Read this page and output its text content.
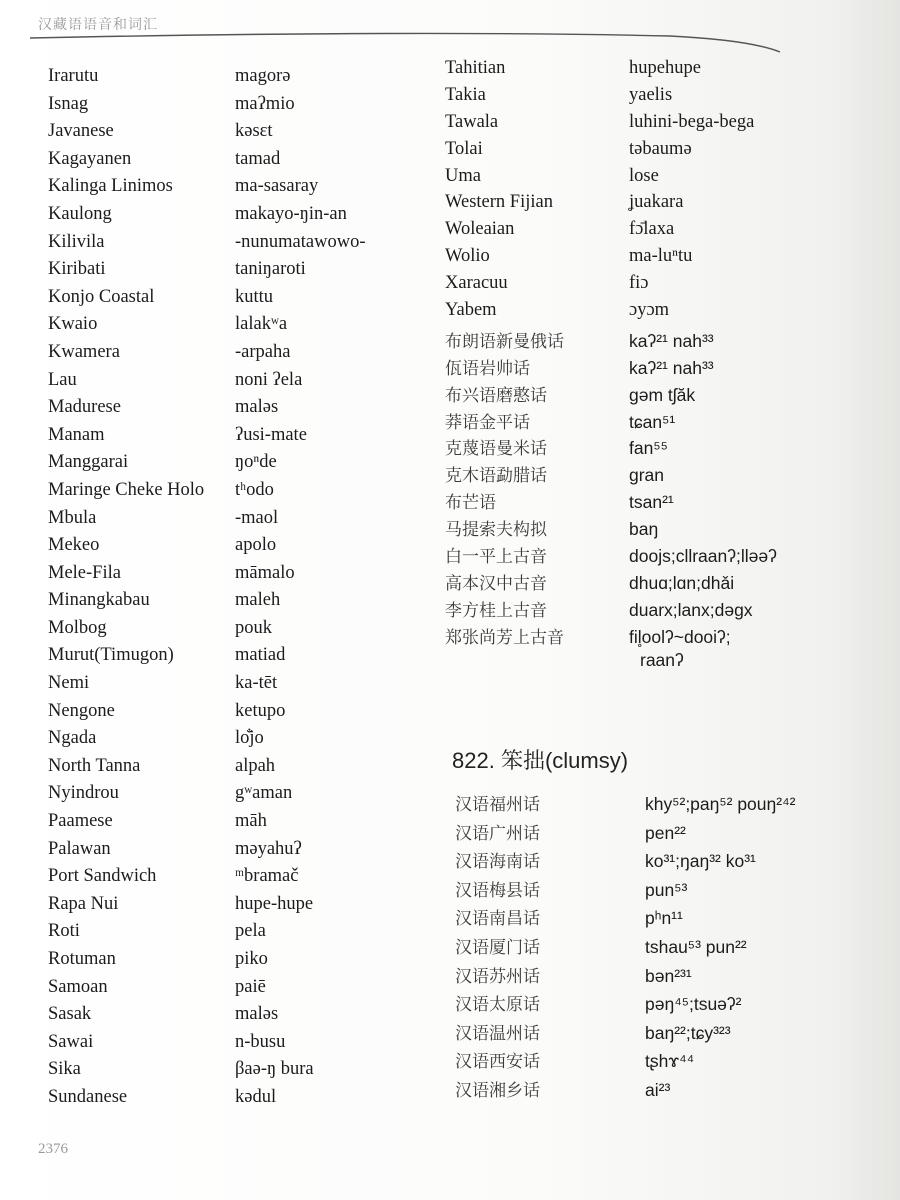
汉藏语语音和词汇
Irarutu	magorə
Isnag	maʔmio
Javanese	kəsɛt
Kagayanen	tamad
Kalinga Linimos	ma-sasaray
Kaulong	makayo-ŋin-an
Kilivila	-nunumatawowo-
Kiribati	taniŋaroti
Konjo Coastal	kuttu
Kwaio	lalakʷa
Kwamera	-arpaha
Lau	noni ʔela
Madurese	maləs
Manam	ʔusi-mate
Manggarai	ŋoⁿde
Maringe Cheke Holo	tʰodo
Mbula	-maol
Mekeo	apolo
Mele-Fila	māmalo
Minangkabau	maleh
Molbog	pouk
Murut(Timugon)	matiad
Nemi	ka-tēt
Nengone	ketupo
Ngada	lo̐jo
North Tanna	alpah
Nyindrou	gʷaman
Paamese	māh
Palawan	məyahuʔ
Port Sandwich	ᵐbramač
Rapa Nui	hupe-hupe
Roti	pela
Rotuman	piko
Samoan	paiē
Sasak	maləs
Sawai	n-busu
Sika	βaə-ŋ bura
Sundanese	kədul
Tahitian	hupehupe
Takia	yaelis
Tawala	luhini-bega-bega
Tolai	təbaumə
Uma	lose
Western Fijian	ʝuakara
Woleaian	fɔ̄laxa
Wolio	ma-luⁿtu
Xaracuu	fiɔ
Yabem	ɔyɔm
布朗语新曼俄话	kaʔ²¹ nah³³
佤语岩帅话	kaʔ²¹ nah³³
布兴语磨憨话	gəm tʃăk
莽语金平话	tɕan⁵¹
克蔑语曼米话	fan⁵⁵
克木语勐腊话	gran
布芒语	tsan²¹
马提索夫构拟	baŋ
白一平上古音	doojs;cllraanʔ;lləəʔ
高本汉中古音	dhuɑ;lɑn;dhǎi
李方桂上古音	duarx;lanx;dəgx
郑张尚芳上古音	fil̥oolʔ~dooiʔ;
raanʔ
822. 笨拙(clumsy)
汉语福州话	khy⁵²;paŋ⁵² pouŋ²⁴²
汉语广州话	pen²²
汉语海南话	ko³¹;ŋaŋ³² ko³¹
汉语梅县话	pun⁵³
汉语南昌话	pʰn¹¹
汉语厦门话	tshau⁵³ pun²²
汉语苏州话	bən²³¹
汉语太原话	pəŋ⁴⁵;tsuəʔ²
汉语温州话	baŋ²²;tɕy³²³
汉语西安话	tʂhɤ⁴⁴
汉语湘乡话	ai²³
2376
